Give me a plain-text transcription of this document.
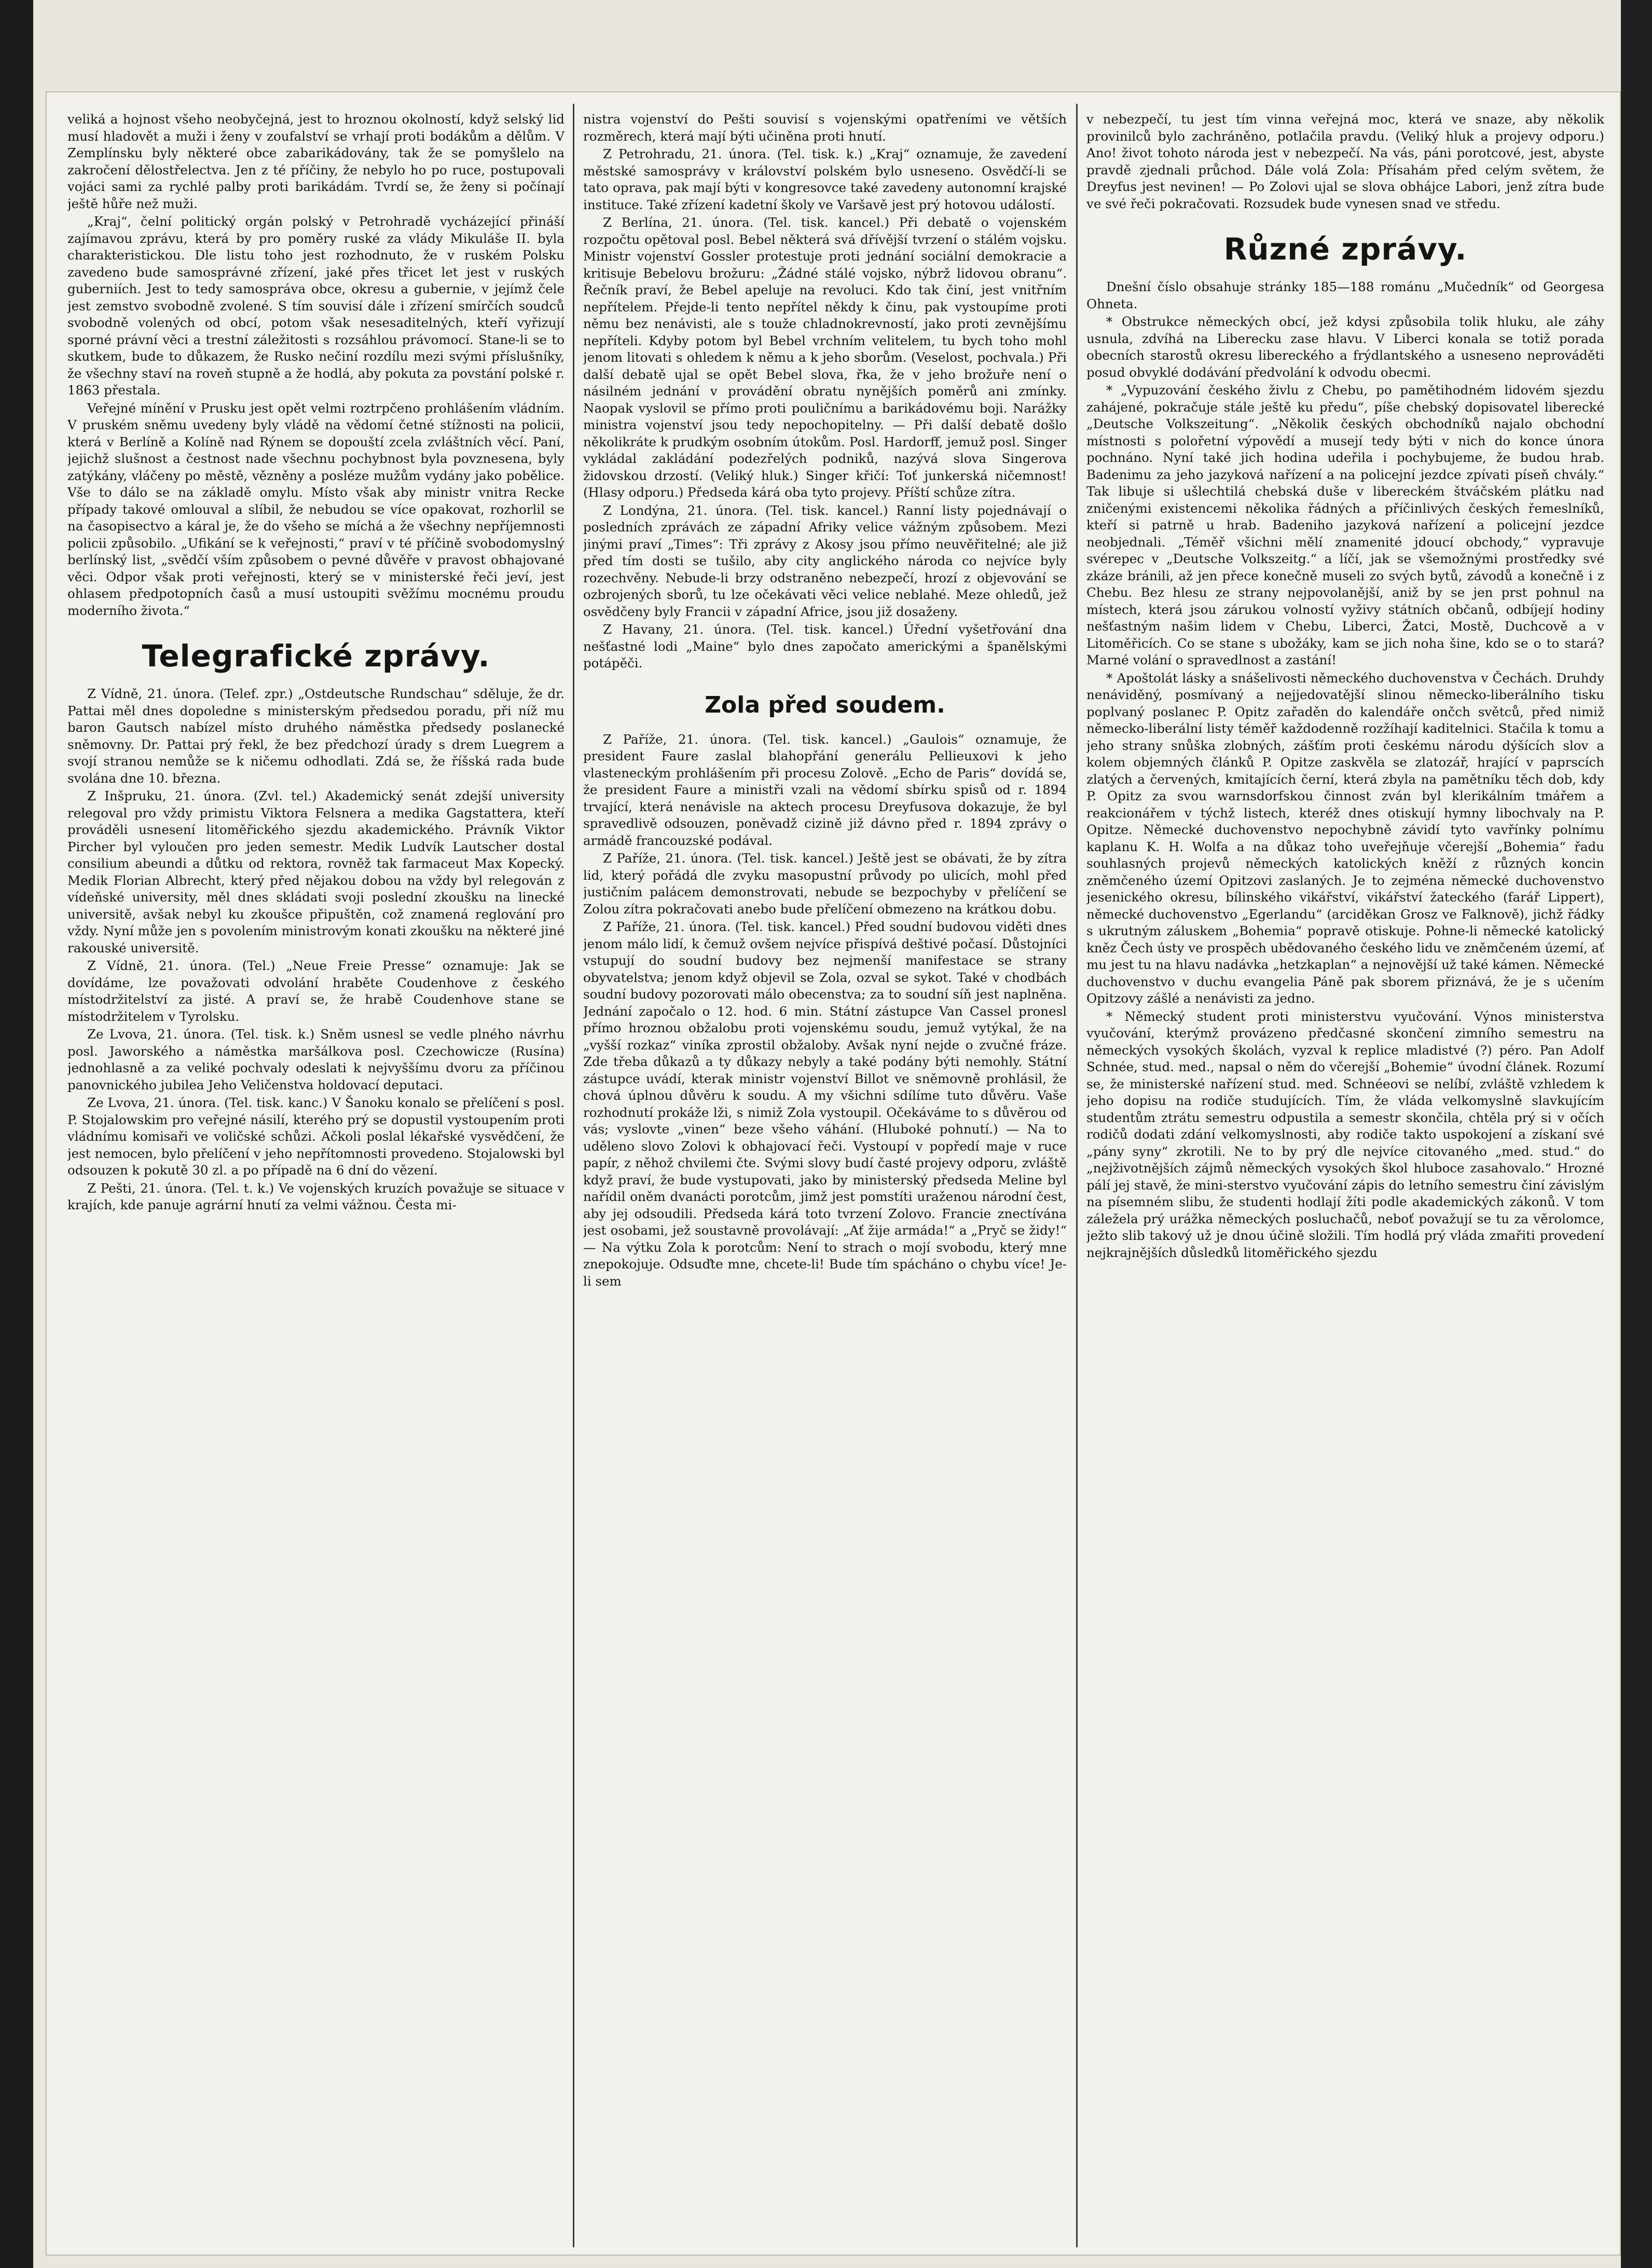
veliká a hojnost všeho neobyčejná, jest to hroznou okolností, když selský lid musí hladovět a muži i ženy v zoufalství se vrhají proti bodákům a dělům. V Zemplínsku byly některé obce zabarikádovány, tak že se pomyšlelo na zakročení dělostřelectva. Jen z té příčiny, že nebylo ho po ruce, postupovali vojáci sami za rychlé palby proti barikádám. Tvrdí se, že ženy si počínají ještě hůře než muži.

„Kraj“, čelní politický orgán polský v Petrohradě vycházející přináší zajímavou zprávu, která by pro poměry ruské za vlády Mikuláše II. byla charakteristickou. Dle listu toho jest rozhodnuto, že v ruském Polsku zavedeno bude samosprávné zřízení, jaké přes třicet let jest v ruských guberniích. Jest to tedy samospráva obce, okresu a gubernie, v jejímž čele jest zemstvo svobodně zvolené. S tím souvisí dále i zřízení smírčích soudců svobodně volených od obcí, potom však nesesaditelných, kteří vyřizují sporné právní věci a trestní záležitosti s rozsáhlou právomocí. Stane-li se to skutkem, bude to důkazem, že Rusko nečiní rozdílu mezi svými příslušníky, že všechny staví na roveň stupně a že hodlá, aby pokuta za povstání polské r. 1863 přestala.

Veřejné mínění v Prusku jest opět velmi roztrpčeno prohlášením vládním. V pruském sněmu uvedeny byly vládě na vědomí četné stížnosti na policii, která v Berlíně a Kolíně nad Rýnem se dopouští zcela zvláštních věcí. Paní, jejichž slušnost a čestnost nade všechnu pochybnost byla povznesena, byly zatýkány, vláčeny po městě, vězněny a posléze mužům vydány jako pobělice. Vše to dálo se na základě omylu. Místo však aby ministr vnitra Recke případy takové omlouval a slíbil, že nebudou se více opakovat, rozhorlil se na časopisectvo a káral je, že do všeho se míchá a že všechny nepříjemnosti policii způsobilo. „Ufikání se k veřejnosti,“ praví v té příčině svobodomyslný berlínský list, „svědčí vším způsobem o pevné důvěře v pravost obhajované věci. Odpor však proti veřejnosti, který se v ministerské řeči jeví, jest ohlasem předpotopních časů a musí ustoupiti svěžímu mocnému proudu moderního života.“

Telegrafické zprávy.

Z Vídně, 21. února. (Telef. zpr.) „Ostdeutsche Rundschau“ sděluje, že dr. Pattai měl dnes dopoledne s ministerským předsedou poradu, při níž mu baron Gautsch nabízel místo druhého náměstka předsedy poslanecké sněmovny. Dr. Pattai prý řekl, že bez předchozí úrady s drem Luegrem a svojí stranou nemůže se k ničemu odhodlati. Zdá se, že říšská rada bude svolána dne 10. března.

Z Inšpruku, 21. února. (Zvl. tel.) Akademický senát zdejší university relegoval pro vždy primistu Viktora Felsnera a medika Gagstattera, kteří prováděli usnesení litoměřického sjezdu akademického. Právník Viktor Pircher byl vyloučen pro jeden semestr. Medik Ludvík Lautscher dostal consilium abeundi a důtku od rektora, rovněž tak farmaceut Max Kopecký. Medik Florian Albrecht, který před nějakou dobou na vždy byl relegován z vídeňské university, měl dnes skládati svoji poslední zkoušku na linecké universitě, avšak nebyl ku zkoušce připuštěn, což znamená reglování pro vždy. Nyní může jen s povolením ministrovým konati zkoušku na některé jiné rakouské universitě.

Z Vídně, 21. února. (Tel.) „Neue Freie Presse“ oznamuje: Jak se dovídáme, lze považovati odvolání hraběte Coudenhove z českého místodržitelství za jisté. A praví se, že hrabě Coudenhove stane se místodržitelem v Tyrolsku.

Ze Lvova, 21. února. (Tel. tisk. k.) Sněm usnesl se vedle plného návrhu posl. Jaworského a náměstka maršálkova posl. Czechowicze (Rusína) jednohlasně a za veliké pochvaly odeslati k nejvyššímu dvoru za příčinou panovnického jubilea Jeho Veličenstva holdovací deputaci.

Ze Lvova, 21. února. (Tel. tisk. kanc.) V Šanoku konalo se přelíčení s posl. P. Stojalowskim pro veřejné násilí, kterého prý se dopustil vystoupením proti vládnímu komisaři ve voličské schůzi. Ačkoli poslal lékařské vysvědčení, že jest nemocen, bylo přelíčení v jeho nepřítomnosti provedeno. Stojalowski byl odsouzen k pokutě 30 zl. a po případě na 6 dní do vězení.

Z Pešti, 21. února. (Tel. t. k.) Ve vojenských kruzích považuje se situace v krajích, kde panuje agrární hnutí za velmi vážnou. Česta mi-

nistra vojenství do Pešti souvisí s vojenskými opatřeními ve větších rozměrech, která mají býti učiněna proti hnutí.

Z Petrohradu, 21. února. (Tel. tisk. k.) „Kraj“ oznamuje, že zavedení městské samosprávy v království polském bylo usneseno. Osvědčí-li se tato oprava, pak mají býti v kongresovce také zavedeny autonomní krajské instituce. Také zřízení kadetní školy ve Varšavě jest prý hotovou událostí.

Z Berlína, 21. února. (Tel. tisk. kancel.) Při debatě o vojenském rozpočtu opětoval posl. Bebel některá svá dřívější tvrzení o stálém vojsku. Ministr vojenství Gossler protestuje proti jednání sociální demokracie a kritisuje Bebelovu brožuru: „Žádné stálé vojsko, nýbrž lidovou obranu“. Řečník praví, že Bebel apeluje na revoluci. Kdo tak činí, jest vnitřním nepřítelem. Přejde-li tento nepřítel někdy k činu, pak vystoupíme proti němu bez nenávisti, ale s touže chladnokrevností, jako proti zevnějšímu nepříteli. Kdyby potom byl Bebel vrchním velitelem, tu bych toho mohl jenom litovati s ohledem k němu a k jeho sborům. (Veselost, pochvala.) Při další debatě ujal se opět Bebel slova, řka, že v jeho brožuře není o násilném jednání v provádění obratu nynějších poměrů ani zmínky. Naopak vyslovil se přímo proti pouličnímu a barikádovému boji. Narážky ministra vojenství jsou tedy nepochopitelny. — Při další debatě došlo několikráte k prudkým osobním útokům. Posl. Hardorff, jemuž posl. Singer vykládal zakládání podezřelých podniků, nazývá slova Singerova židovskou drzostí. (Veliký hluk.) Singer křičí: Toť junkerská ničemnost! (Hlasy odporu.) Předseda kárá oba tyto projevy. Příští schůze zítra.

Z Londýna, 21. února. (Tel. tisk. kancel.) Ranní listy pojednávají o posledních zprávách ze západní Afriky velice vážným způsobem. Mezi jinými praví „Times“: Tři zprávy z Akosy jsou přímo neuvěřitelné; ale již před tím dosti se tušilo, aby city anglického národa co nejvíce byly rozechvěny. Nebude-li brzy odstraněno nebezpečí, hrozí z objevování se ozbrojených sborů, tu lze očekávati věci velice neblahé. Meze ohledů, jež osvědčeny byly Francii v západní Africe, jsou již dosaženy.

Z Havany, 21. února. (Tel. tisk. kancel.) Úřední vyšetřování dna nešťastné lodi „Maine“ bylo dnes započato americkými a španělskými potápěči.

Zola před soudem.

Z Paříže, 21. února. (Tel. tisk. kancel.) „Gaulois“ oznamuje, že president Faure zaslal blahopřání generálu Pellieuxovi k jeho vlasteneckým prohlášením při procesu Zolově. „Echo de Paris“ dovídá se, že president Faure a ministři vzali na vědomí sbírku spisů od r. 1894 trvající, která nenávisle na aktech procesu Dreyfusova dokazuje, že byl spravedlivě odsouzen, poněvadž cizině již dávno před r. 1894 zprávy o armádě francouzské podával.

Z Paříže, 21. února. (Tel. tisk. kancel.) Ještě jest se obávati, že by zítra lid, který pořádá dle zvyku masopustní průvody po ulicích, mohl před justičním palácem demonstrovati, nebude se bezpochyby v přelíčení se Zolou zítra pokračovati anebo bude přelíčení obmezeno na krátkou dobu.

Z Paříže, 21. února. (Tel. tisk. kancel.) Před soudní budovou viděti dnes jenom málo lidí, k čemuž ovšem nejvíce přispívá deštivé počasí. Důstojníci vstupují do soudní budovy bez nejmenší manifestace se strany obyvatelstva; jenom když objevil se Zola, ozval se sykot. Také v chodbách soudní budovy pozorovati málo obecenstva; za to soudní síň jest naplněna. Jednání započalo o 12. hod. 6 min. Státní zástupce Van Cassel pronesl přímo hroznou obžalobu proti vojenskému soudu, jemuž vytýkal, že na „vyšší rozkaz“ viníka zprostil obžaloby. Avšak nyní nejde o zvučné fráze. Zde třeba důkazů a ty důkazy nebyly a také podány býti nemohly. Státní zástupce uvádí, kterak ministr vojenství Billot ve sněmovně prohlásil, že chová úplnou důvěru k soudu. A my všichni sdílíme tuto důvěru. Vaše rozhodnutí prokáže lži, s nimiž Zola vystoupil. Očekáváme to s důvěrou od vás; vyslovte „vinen“ beze všeho váhání. (Hluboké pohnutí.) — Na to uděleno slovo Zolovi k obhajovací řeči. Vystoupí v popředí maje v ruce papír, z něhož chvilemi čte. Svými slovy budí časté projevy odporu, zvláště když praví, že bude vystupovati, jako by ministerský předseda Meline byl nařídil oněm dvanácti porotcům, jimž jest pomstíti uraženou národní čest, aby jej odsoudili. Předseda kárá toto tvrzení Zolovo. Francie znectívána jest osobami, jež soustavně provolávají: „Ať žije armáda!“ a „Pryč se židy!“ — Na výtku Zola k porotcům: Není to strach o mojí svobodu, který mne znepokojuje. Odsuďte mne, chcete-li! Bude tím spácháno o chybu více! Je-li sem

v nebezpečí, tu jest tím vinna veřejná moc, která ve snaze, aby několik provinilců bylo zachráněno, potlačila pravdu. (Veliký hluk a projevy odporu.) Ano! život tohoto národa jest v nebezpečí. Na vás, páni porotcové, jest, abyste pravdě zjednali průchod. Dále volá Zola: Přísahám před celým světem, že Dreyfus jest nevinen! — Po Zolovi ujal se slova obhájce Labori, jenž zítra bude ve své řeči pokračovati. Rozsudek bude vynesen snad ve středu.

Různé zprávy.

Dnešní číslo obsahuje stránky 185—188 románu „Mučedník“ od Georgesa Ohneta.

* Obstrukce německých obcí, jež kdysi způsobila tolik hluku, ale záhy usnula, zdvíhá na Liberecku zase hlavu. V Liberci konala se totiž porada obecních starostů okresu libereckého a frýdlantského a usneseno neprováděti posud obvyklé dodávání předvolání k odvodu obecmi.

* „Vypuzování českého živlu z Chebu, po pamětihodném lidovém sjezdu zahájené, pokračuje stále ještě ku předu“, píše chebský dopisovatel liberecké „Deutsche Volkszeitung“. „Několik českých obchodníků najalo obchodní místnosti s polořetní výpovědí a musejí tedy býti v nich do konce února pochnáno. Nyní také jich hodina udeřila i pochybujeme, že budou hrab. Badenimu za jeho jazyková nařízení a na policejní jezdce zpívati píseň chvály.“ Tak libuje si ušlechtilá chebská duše v libereckém štváčském plátku nad zničenými existencemi několika řádných a příčinlivých českých řemeslníků, kteří si patrně u hrab. Badeniho jazyková nařízení a policejní jezdce neobjednali. „Téměř všichni mělí znamenité jdoucí obchody,“ vypravuje svérepec v „Deutsche Volkszeitg.“ a líčí, jak se všemožnými prostředky své zkáze bránili, až jen přece konečně museli zo svých bytů, závodů a konečně i z Chebu. Bez hlesu ze strany nejpovolanější, aniž by se jen prst pohnul na místech, která jsou zárukou volností vyživy státních občanů, odbíjejí hodiny nešťastným našim lidem v Chebu, Liberci, Žatci, Mostě, Duchcově a v Litoměřicích. Co se stane s ubožáky, kam se jich noha šine, kdo se o to stará? Marné volání o spravedlnost a zastání!

* Apoštolát lásky a snášelivosti německého duchovenstva v Čechách. Druhdy nenáviděný, posmívaný a nejjedovatější slinou německo-liberálního tisku poplvaný poslanec P. Opitz zařaděn do kalendáře ončch světců, před nimiž německo-liberální listy téměř každodenně rozžíhají kaditelnici. Stačila k tomu a jeho strany snůška zlobných, zášťím proti českému národu dýšících slov a kolem objemných článků P. Opitze zaskvěla se zlatozář, hrající v paprscích zlatých a červených, kmitajících černí, která zbyla na pamětníku těch dob, kdy P. Opitz za svou warnsdorfskou činnost zván byl klerikálním tmářem a reakcionářem v týchž listech, kteréž dnes otiskují hymny libochvaly na P. Opitze. Německé duchovenstvo nepochybně závidí tyto vavřínky polnímu kaplanu K. H. Wolfa a na důkaz toho uveřejňuje včerejší „Bohemia“ řadu souhlasných projevů německých katolických kněží z různých koncin zněmčeného území Opitzovi zaslaných. Je to zejména německé duchovenstvo jesenického okresu, bílinského vikářství, vikářství žateckého (farář Lippert), německé duchovenstvo „Egerlandu“ (arciděkan Grosz ve Falknově), jichž řádky s ukrutným záluskem „Bohemia“ popravě otiskuje. Pohne-li německé katolický kněz Čech ústy ve prospěch ubědovaného českého lidu ve zněmčeném území, ať mu jest tu na hlavu nadávka „hetzkaplan“ a nejnovější už také kámen. Německé duchovenstvo v duchu evangelia Páně pak sborem přiznává, že je s učením Opitzovy zášlé a nenávisti za jedno.

* Německý student proti ministerstvu vyučování. Výnos ministerstva vyučování, kterýmž provázeno předčasné skončení zimního semestru na německých vysokých školách, vyzval k replice mladistvé (?) péro. Pan Adolf Schnée, stud. med., napsal o něm do včerejší „Bohemie“ úvodní článek. Rozumí se, že ministerské nařízení stud. med. Schnéeovi se nelíbí, zvláště vzhledem k jeho dopisu na rodiče studujících. Tím, že vláda velkomyslně slavkujícím studentům ztrátu semestru odpustila a semestr skončila, chtěla prý si v očích rodičů dodati zdání velkomyslnosti, aby rodiče takto uspokojení a získaní své „pány syny“ zkrotili. Ne to by prý dle nejvíce citovaného „med. stud.“ do „nejživotnějších zájmů německých vysokých škol hluboce zasahovalo.“ Hrozné pálí jej stavě, že mini-sterstvo vyučování zápis do letního semestru činí závislým na písemném slibu, že studenti hodlají žíti podle akademických zákonů. V tom záležela prý urážka německých posluchačů, neboť považují se tu za věrolomce, ježto slib takový už je dnou účině složili. Tím hodlá prý vláda zmařiti provedení nejkrajnějších důsledků litoměřického sjezdu
